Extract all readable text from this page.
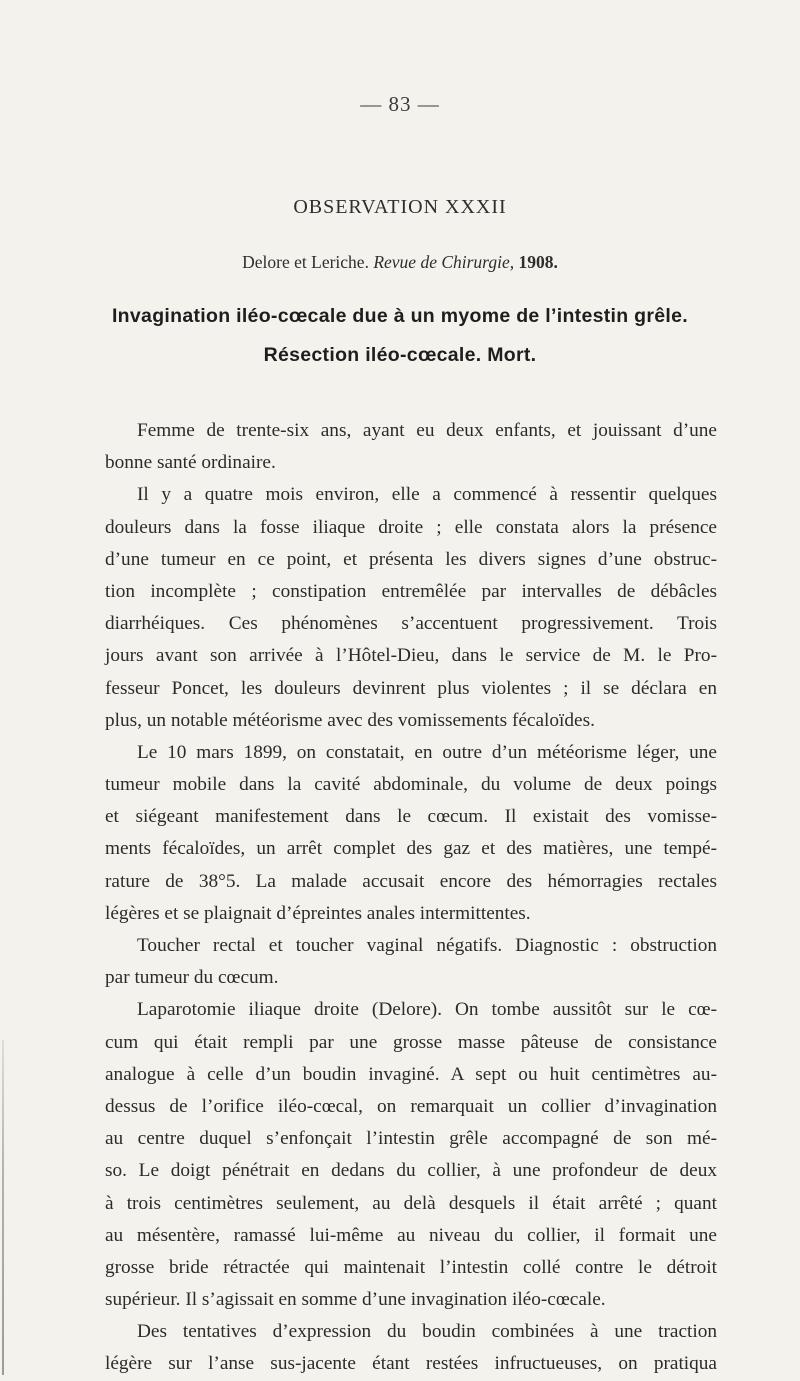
— 83 —
OBSERVATION XXXII
Delore et Leriche. Revue de Chirurgie, 1908.
Invagination iléo-cœcale due à un myome de l’intestin grêle.
Résection iléo-cœcale. Mort.
Femme de trente-six ans, ayant eu deux enfants, et jouissant d’une
bonne santé ordinaire.
Il y a quatre mois environ, elle a commencé à ressentir quelques
douleurs dans la fosse iliaque droite ; elle constata alors la présence
d’une tumeur en ce point, et présenta les divers signes d’une obstruc-
tion incomplète ; constipation entremêlée par intervalles de débâcles
diarrhéiques. Ces phénomènes s’accentuent progressivement. Trois
jours avant son arrivée à l’Hôtel-Dieu, dans le service de M. le Pro-
fesseur Poncet, les douleurs devinrent plus violentes ; il se déclara en
plus, un notable météorisme avec des vomissements fécaloïdes.
Le 10 mars 1899, on constatait, en outre d’un météorisme léger, une
tumeur mobile dans la cavité abdominale, du volume de deux poings
et siégeant manifestement dans le cœcum. Il existait des vomisse-
ments fécaloïdes, un arrêt complet des gaz et des matières, une tempé-
rature de 38°5. La malade accusait encore des hémorragies rectales
légères et se plaignait d’épreintes anales intermittentes.
Toucher rectal et toucher vaginal négatifs. Diagnostic : obstruction
par tumeur du cœcum.
Laparotomie iliaque droite (Delore). On tombe aussitôt sur le cœ-
cum qui était rempli par une grosse masse pâteuse de consistance
analogue à celle d’un boudin invaginé. A sept ou huit centimètres au-
dessus de l’orifice iléo-cœcal, on remarquait un collier d’invagination
au centre duquel s’enfonçait l’intestin grêle accompagné de son mé-
so. Le doigt pénétrait en dedans du collier, à une profondeur de deux
à trois centimètres seulement, au delà desquels il était arrêté ; quant
au mésentère, ramassé lui-même au niveau du collier, il formait une
grosse bride rétractée qui maintenait l’intestin collé contre le détroit
supérieur. Il s’agissait en somme d’une invagination iléo-cœcale.
Des tentatives d’expression du boudin combinées à une traction
légère sur l’anse sus-jacente étant restées infructueuses, on pratiqua
